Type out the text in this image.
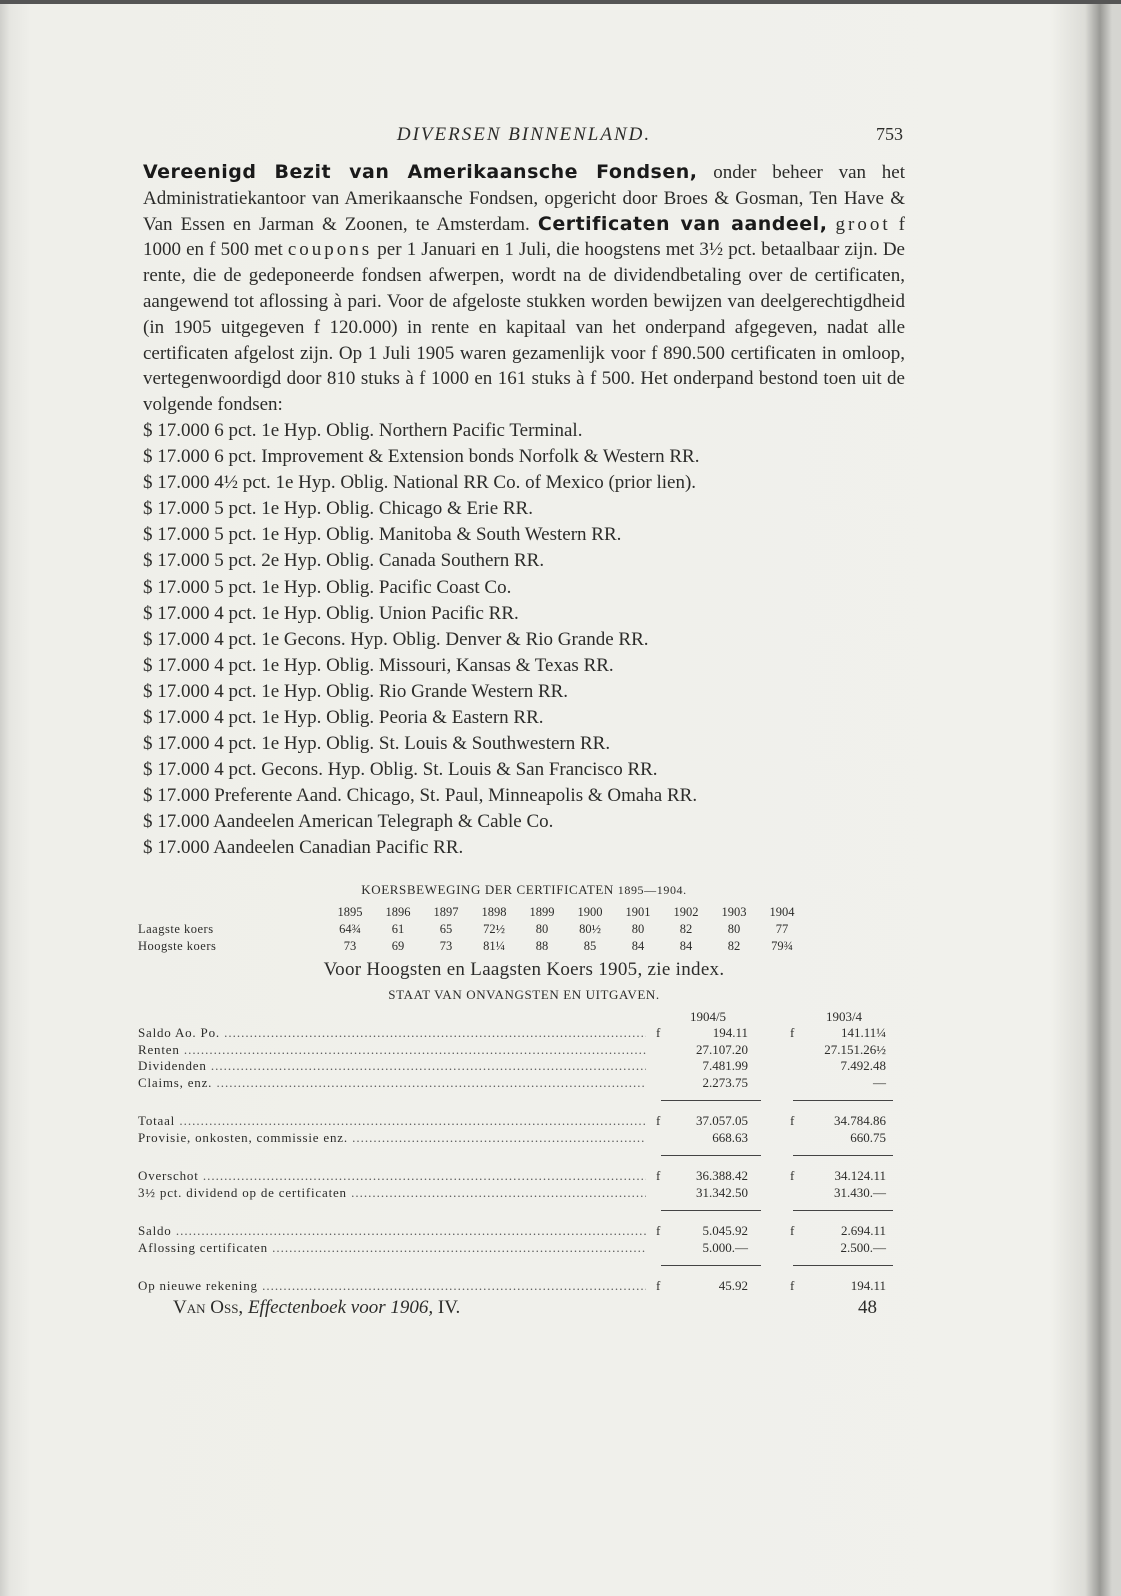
DIVERSEN BINNENLAND.	753

Vereenigd Bezit van Amerikaansche Fondsen, onder beheer van het Administratiekantoor van Amerikaansche Fondsen, opgericht door Broes & Gosman, Ten Have & Van Essen en Jarman & Zoonen, te Amsterdam. Certificaten van aandeel, groot f 1000 en f 500 met coupons per 1 Januari en 1 Juli, die hoogstens met 3½ pct. betaalbaar zijn. De rente, die de gedeponeerde fondsen afwerpen, wordt na de dividendbetaling over de certificaten, aangewend tot aflossing à pari. Voor de afgeloste stukken worden bewijzen van deelgerechtigdheid (in 1905 uitgegeven f 120.000) in rente en kapitaal van het onderpand afgegeven, nadat alle certificaten afgelost zijn. Op 1 Juli 1905 waren gezamenlijk voor f 890.500 certificaten in omloop, vertegenwoordigd door 810 stuks à f 1000 en 161 stuks à f 500. Het onderpand bestond toen uit de volgende fondsen:

$ 17.000 6 pct. 1e Hyp. Oblig. Northern Pacific Terminal.
$ 17.000 6 pct. Improvement & Extension bonds Norfolk & Western RR.
$ 17.000 4½ pct. 1e Hyp. Oblig. National RR Co. of Mexico (prior lien).
$ 17.000 5 pct. 1e Hyp. Oblig. Chicago & Erie RR.
$ 17.000 5 pct. 1e Hyp. Oblig. Manitoba & South Western RR.
$ 17.000 5 pct. 2e Hyp. Oblig. Canada Southern RR.
$ 17.000 5 pct. 1e Hyp. Oblig. Pacific Coast Co.
$ 17.000 4 pct. 1e Hyp. Oblig. Union Pacific RR.
$ 17.000 4 pct. 1e Gecons. Hyp. Oblig. Denver & Rio Grande RR.
$ 17.000 4 pct. 1e Hyp. Oblig. Missouri, Kansas & Texas RR.
$ 17.000 4 pct. 1e Hyp. Oblig. Rio Grande Western RR.
$ 17.000 4 pct. 1e Hyp. Oblig. Peoria & Eastern RR.
$ 17.000 4 pct. 1e Hyp. Oblig. St. Louis & Southwestern RR.
$ 17.000 4 pct. Gecons. Hyp. Oblig. St. Louis & San Francisco RR.
$ 17.000 Preferente Aand. Chicago, St. Paul, Minneapolis & Omaha RR.
$ 17.000 Aandeelen American Telegraph & Cable Co.
$ 17.000 Aandeelen Canadian Pacific RR.
KOERSBEWEGING DER CERTIFICATEN 1895—1904.
	1895	1896	1897	1898	1899	1900	1901	1902	1903	1904
Laagste koers	64¾	61	65	72½	80	80½	80	82	80	77
Hoogste koers	73	69	73	81¼	88	85	84	84	82	79¾
Voor Hoogsten en Laagsten Koers 1905, zie index.
STAAT VAN ONVANGSTEN EN UITGAVEN.
1904/5	1903/4
Saldo Ao. Po. .....	f	194.11	f	141.11¼
Renten .....	27.107.20	27.151.26½
Dividenden .....	7.481.99	7.492.48
Claims, enz. .....	2.273.75	—
Totaal .....	f	37.057.05	f	34.784.86
Provisie, onkosten, commissie enz. .....	668.63	660.75
Overschot .....	f	36.388.42	f	34.124.11
3½ pct. dividend op de certificaten .....	31.342.50	31.430.—
Saldo .....	f	5.045.92	f	2.694.11
Aflossing certificaten .....	5.000.—	2.500.—
Op nieuwe rekening .....	f	45.92	f	194.11
Van Oss, Effectenboek voor 1906, IV.	48
